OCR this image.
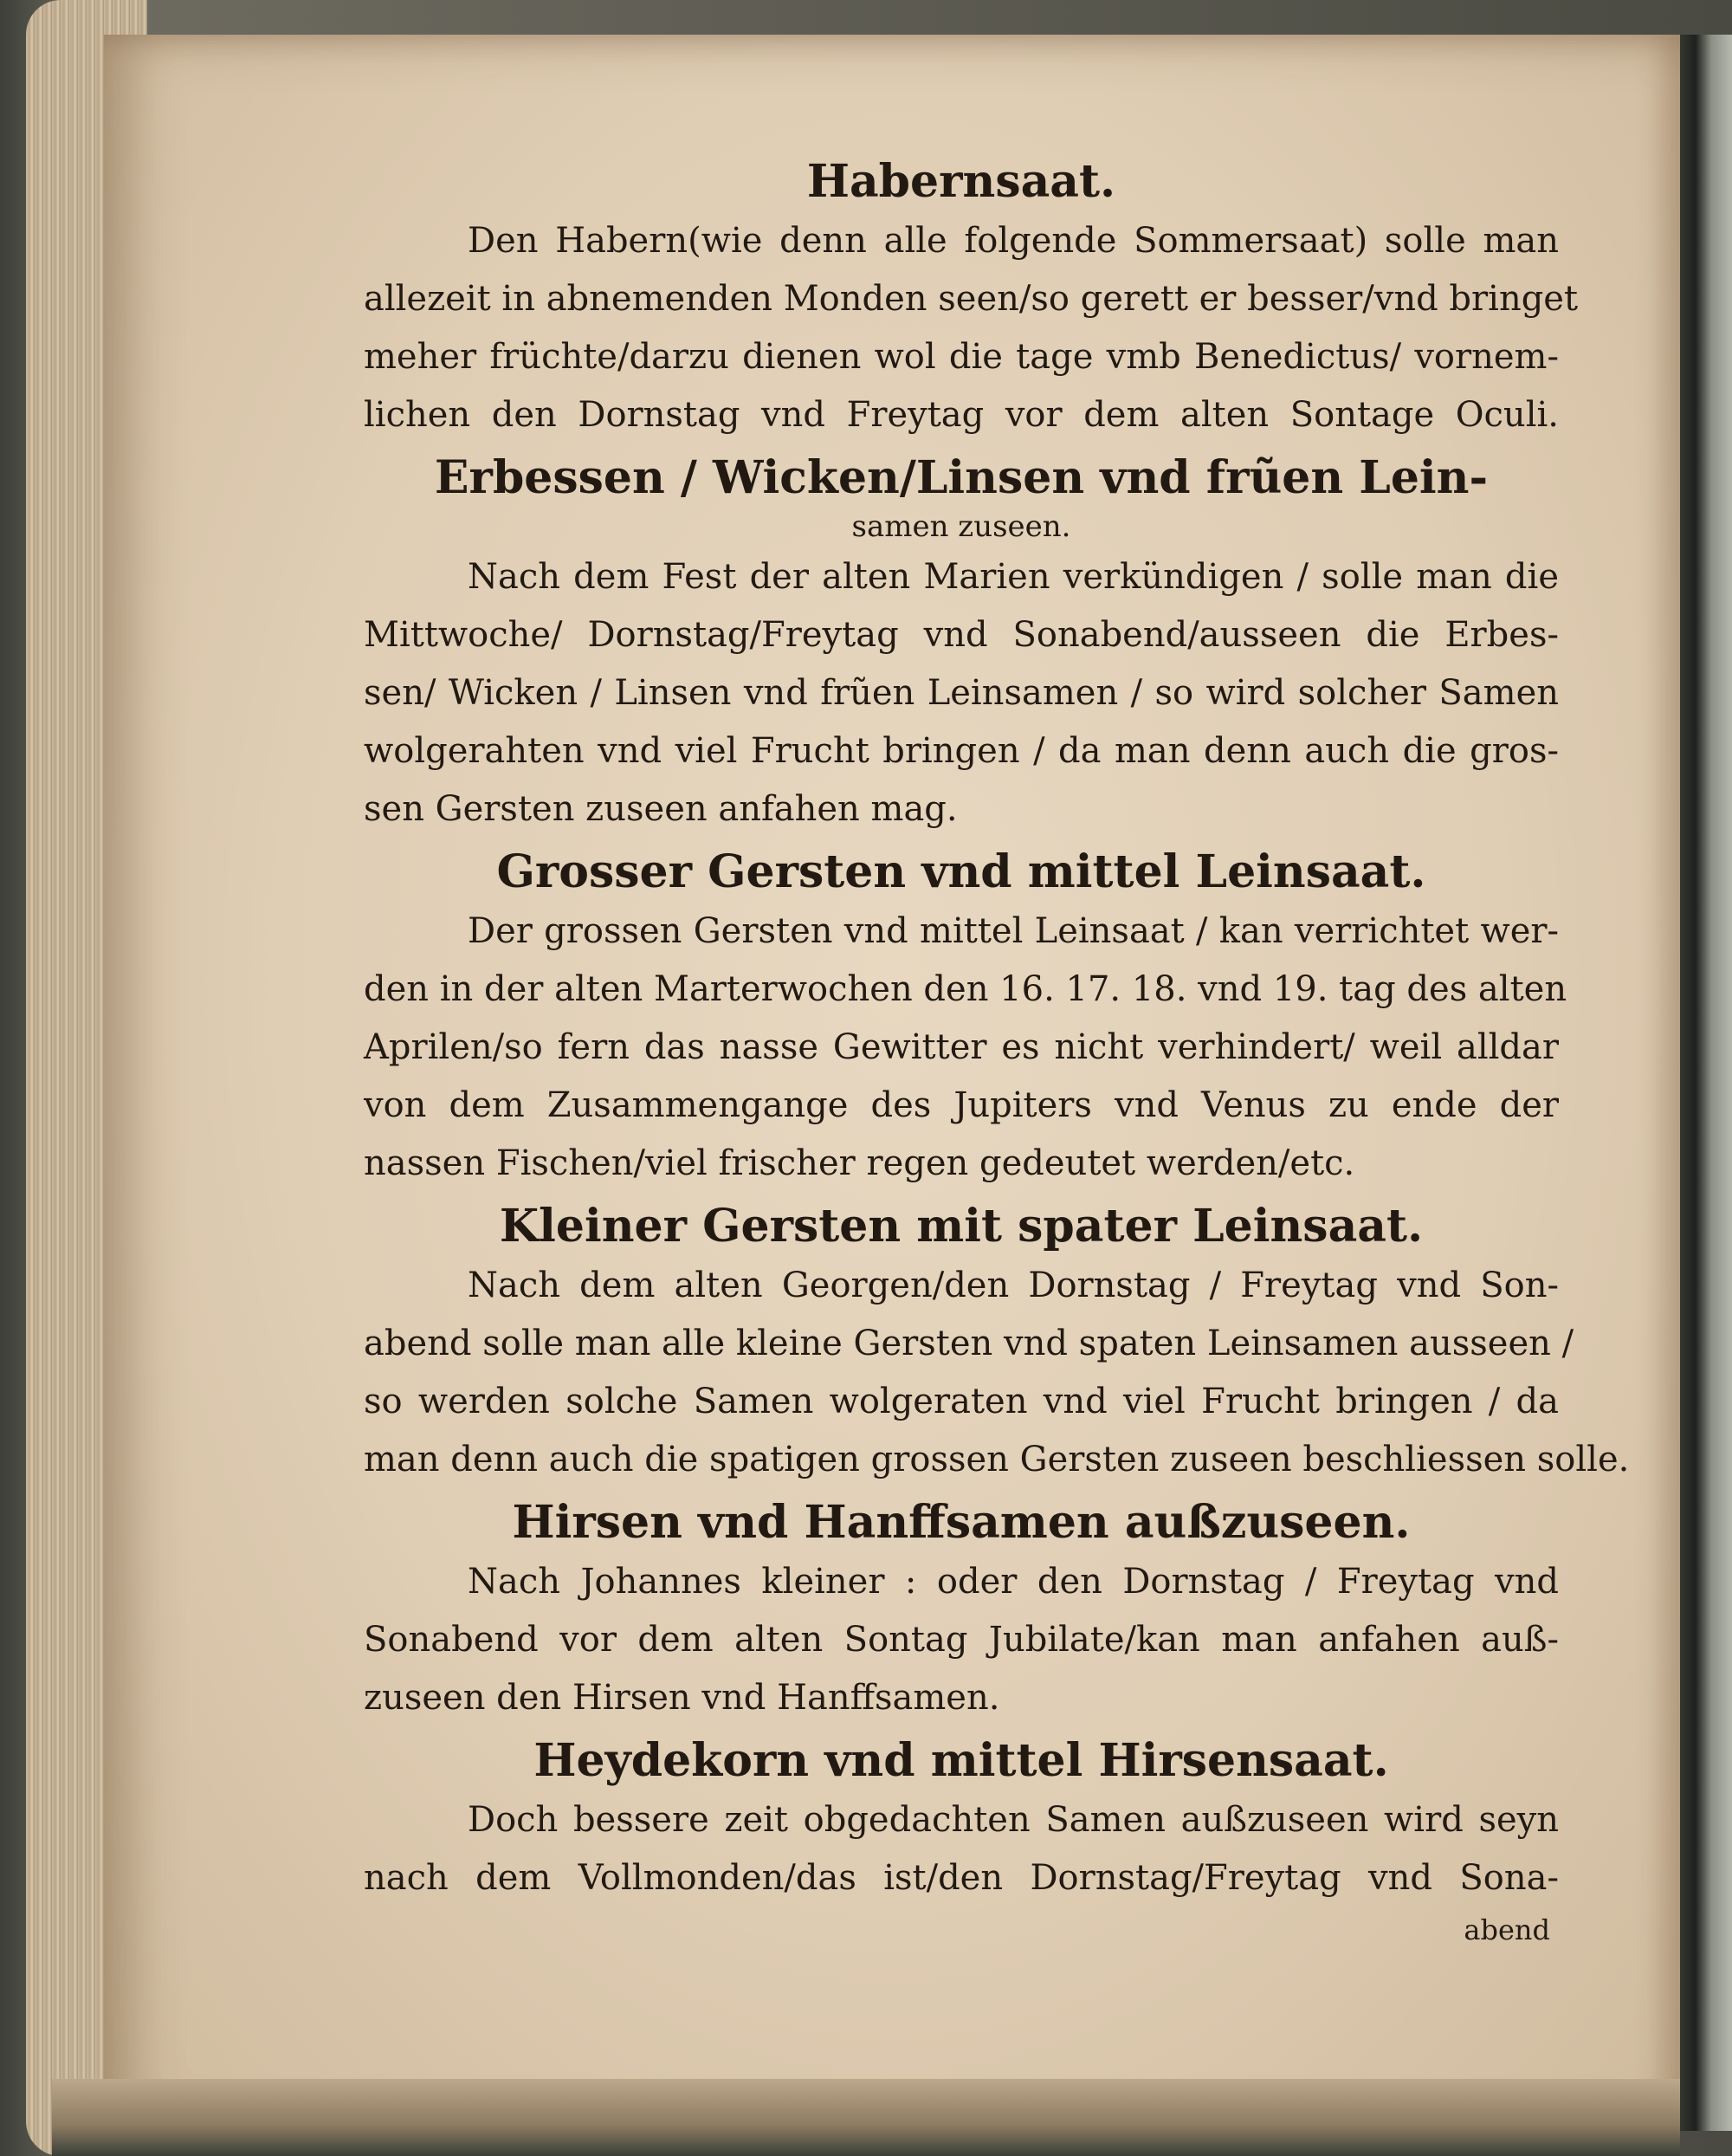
Habernsaat.

Den Habern(wie denn alle folgende Sommersaat) solle man
allezeit in abnemenden Monden seen/so gerett er besser/vnd bringet
meher früchte/darzu dienen wol die tage vmb Benedictus/ vornem-
lichen den Dornstag vnd Freytag vor dem alten Sontage Oculi.

Erbessen / Wicken/Linsen vnd frũen Lein-

samen zuseen.

Nach dem Fest der alten Marien verkündigen / solle man die
Mittwoche/ Dornstag/Freytag vnd Sonabend/ausseen die Erbes-
sen/ Wicken / Linsen vnd frũen Leinsamen / so wird solcher Samen
wolgerahten vnd viel Frucht bringen / da man denn auch die gros-
sen Gersten zuseen anfahen mag.

Grosser Gersten vnd mittel Leinsaat.

Der grossen Gersten vnd mittel Leinsaat / kan verrichtet wer-
den in der alten Marterwochen den 16. 17. 18. vnd 19. tag des alten
Aprilen/so fern das nasse Gewitter es nicht verhindert/ weil alldar
von dem Zusammengange des Jupiters vnd Venus zu ende der
nassen Fischen/viel frischer regen gedeutet werden/etc.

Kleiner Gersten mit spater Leinsaat.

Nach dem alten Georgen/den Dornstag / Freytag vnd Son-
abend solle man alle kleine Gersten vnd spaten Leinsamen ausseen /
so werden solche Samen wolgeraten vnd viel Frucht bringen / da
man denn auch die spatigen grossen Gersten zuseen beschliessen solle.

Hirsen vnd Hanffsamen außzuseen.

Nach Johannes kleiner : oder den Dornstag / Freytag vnd
Sonabend vor dem alten Sontag Jubilate/kan man anfahen auß-
zuseen den Hirsen vnd Hanffsamen.

Heydekorn vnd mittel Hirsensaat.

Doch bessere zeit obgedachten Samen außzuseen wird seyn
nach dem Vollmonden/das ist/den Dornstag/Freytag vnd Sona-

abend
